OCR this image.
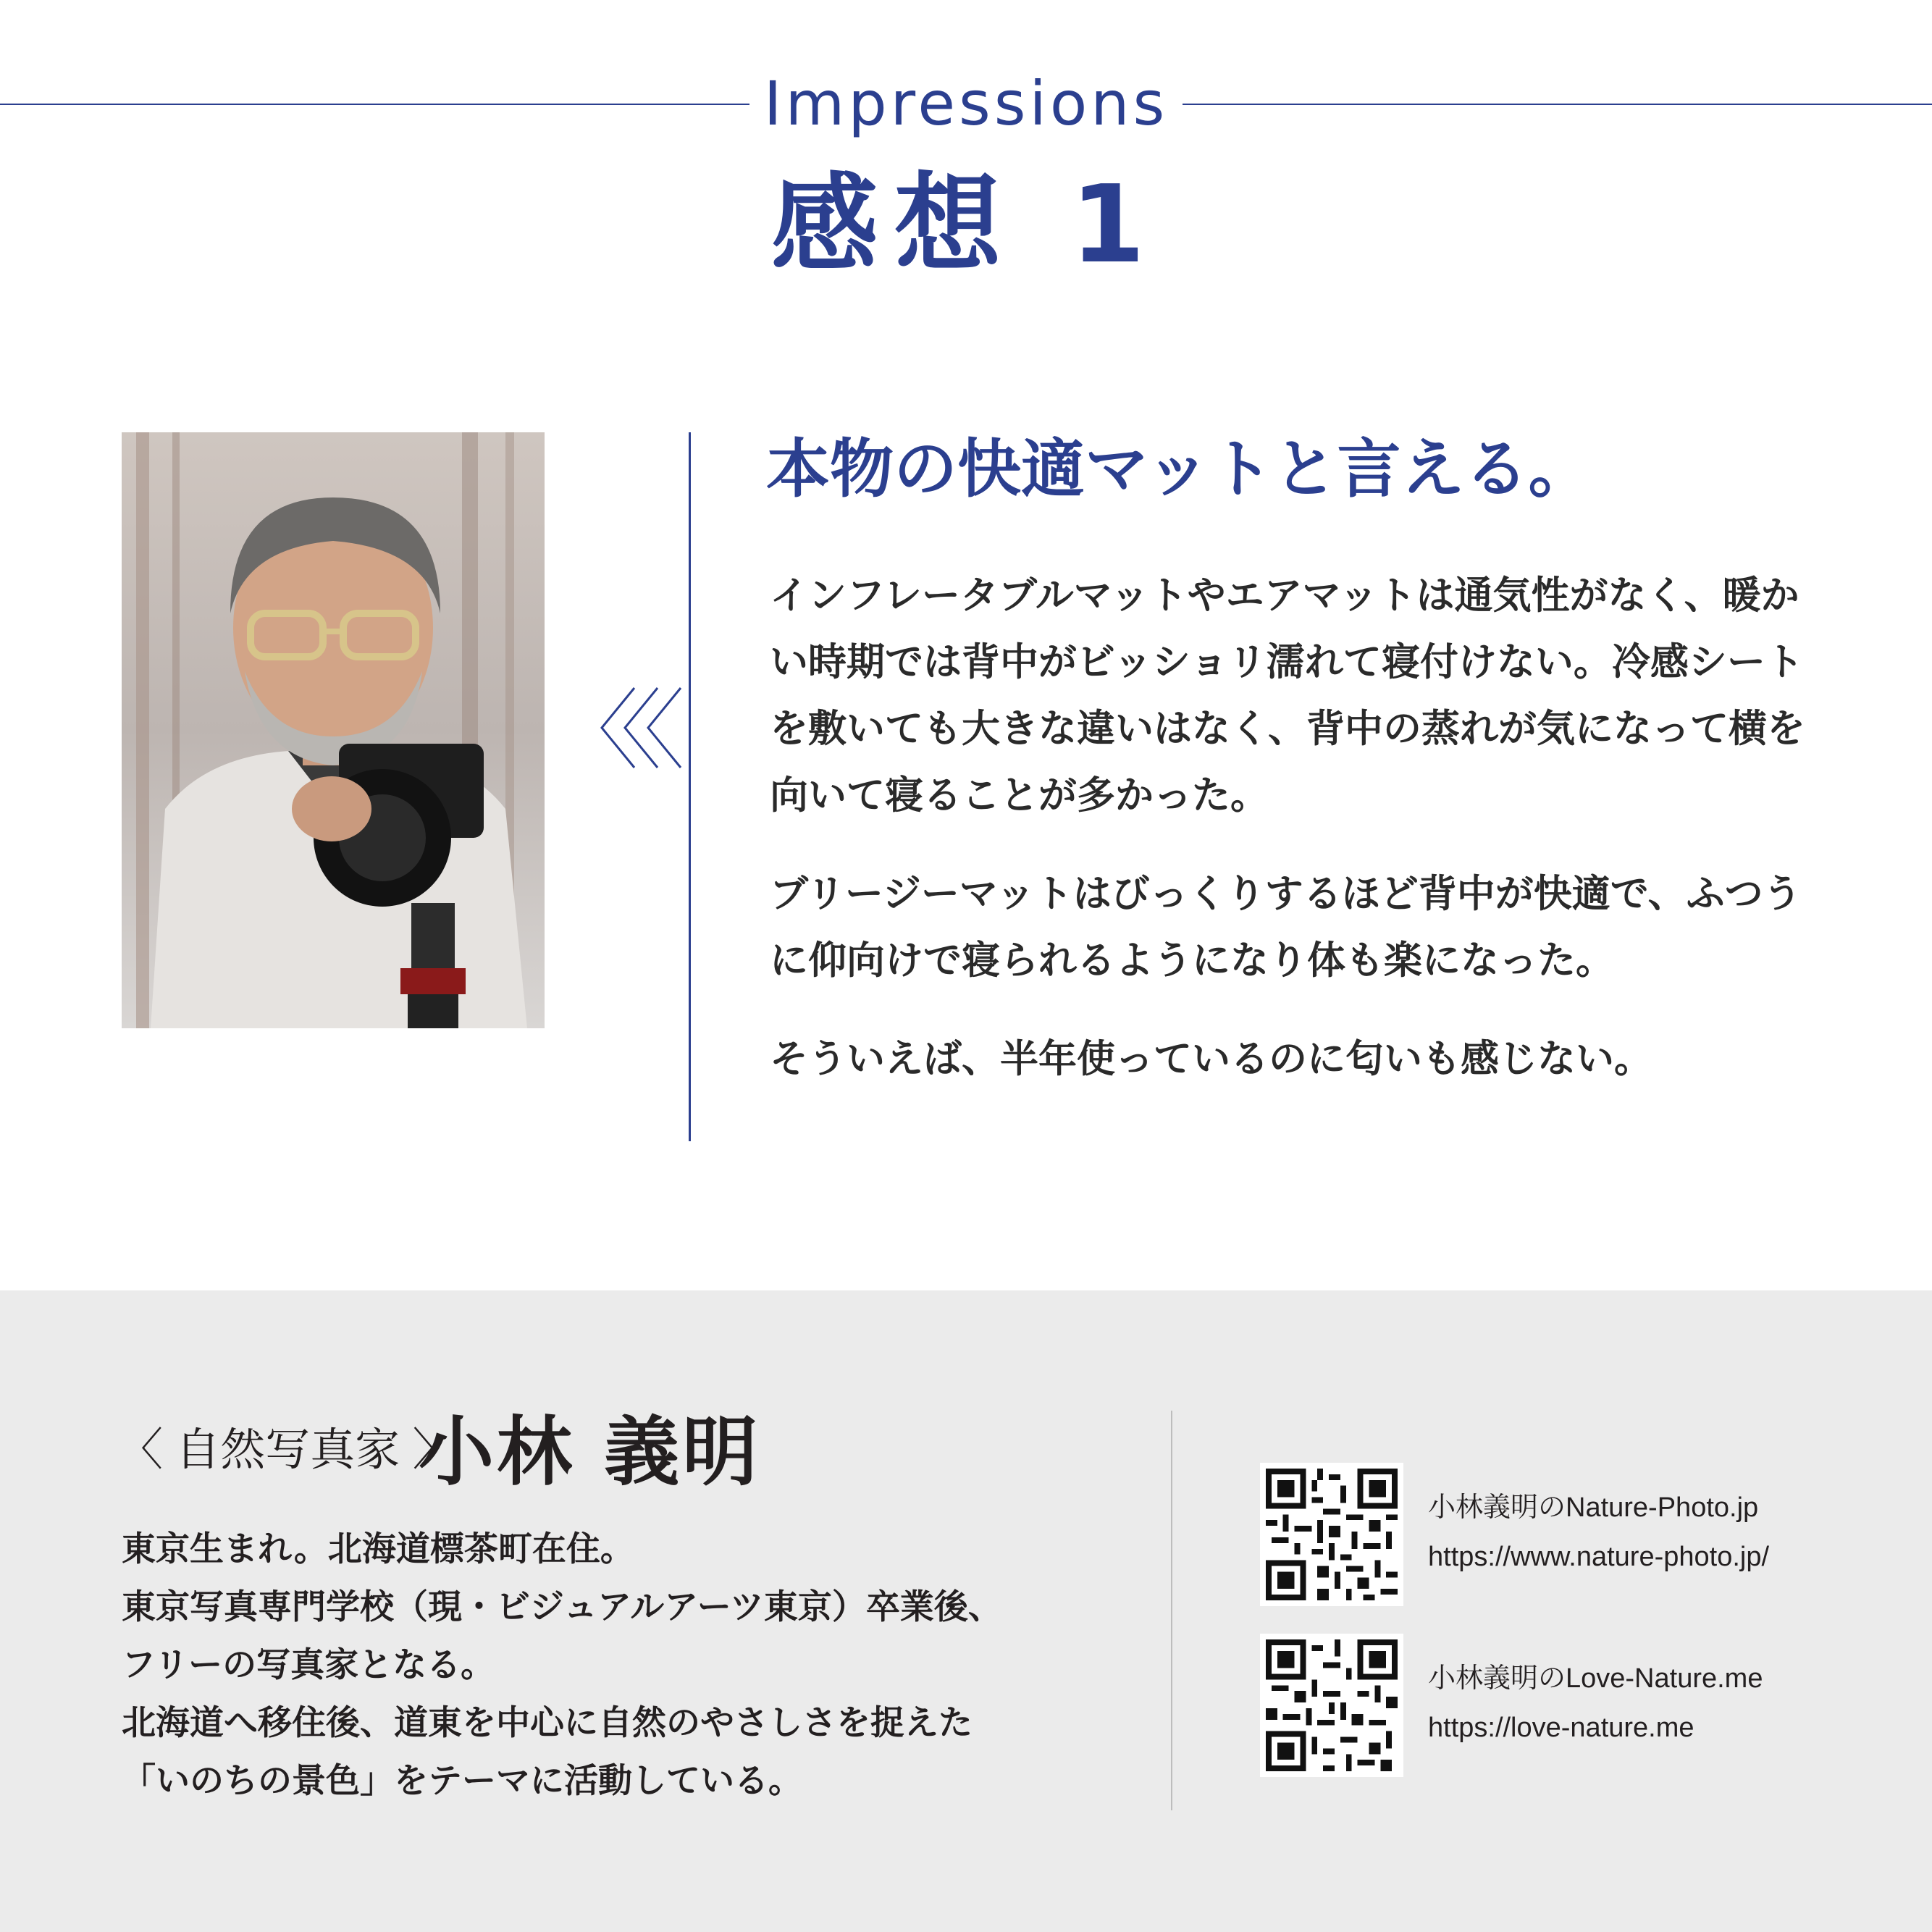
Impressions
感想 1
本物の快適マットと言える。

インフレータブルマットやエアマットは通気性がなく、暖かい時期では背中がビッショリ濡れて寝付けない。冷感シートを敷いても大きな違いはなく、背中の蒸れが気になって横を向いて寝ることが多かった。

ブリージーマットはびっくりするほど背中が快適で、ふつうに仰向けで寝られるようになり体も楽になった。

そういえば、半年使っているのに匂いも感じない。

〈 自然写真家 〉
小林 義明
東京生まれ。北海道標茶町在住。
東京写真専門学校（現・ビジュアルアーツ東京）卒業後、
フリーの写真家となる。
北海道へ移住後、道東を中心に自然のやさしさを捉えた
「いのちの景色」をテーマに活動している。
小林義明のNature-Photo.jp
https://www.nature-photo.jp/
小林義明のLove-Nature.me
https://love-nature.me
